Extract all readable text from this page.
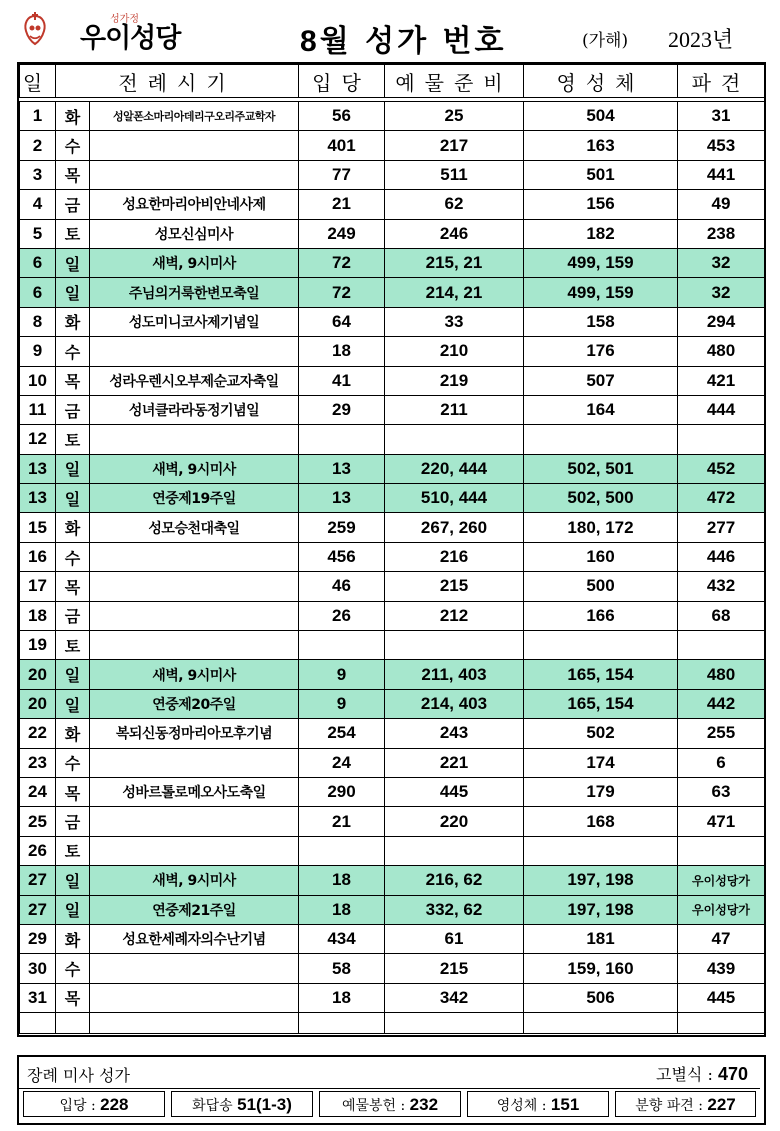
성가정
우이성당	8월 성가 번호	(가해) 2023년
일	전례시기		입당	예물준비	영성체	파견

1	화	성알폰소마리아데리구오리주교학자	56	25	504	31
2	수		401	217	163	453
3	목		77	511	501	441
4	금	성요한마리아비안네사제	21	62	156	49
5	토	성모신심미사	249	246	182	238
6	일	새벽, 9시미사	72	215, 21	499, 159	32
6	일	주님의거룩한변모축일	72	214, 21	499, 159	32
8	화	성도미니코사제기념일	64	33	158	294
9	수		18	210	176	480
10	목	성라우렌시오부제순교자축일	41	219	507	421
11	금	성녀클라라동정기념일	29	211	164	444
12	토					
13	일	새벽, 9시미사	13	220, 444	502, 501	452
13	일	연중제19주일	13	510, 444	502, 500	472
15	화	성모승천대축일	259	267, 260	180, 172	277
16	수		456	216	160	446
17	목		46	215	500	432
18	금		26	212	166	68
19	토					
20	일	새벽, 9시미사	9	211, 403	165, 154	480
20	일	연중제20주일	9	214, 403	165, 154	442
22	화	복되신동정마리아모후기념	254	243	502	255
23	수		24	221	174	6
24	목	성바르톨로메오사도축일	290	445	179	63
25	금		21	220	168	471
26	토					
27	일	새벽, 9시미사	18	216, 62	197, 198	우이성당가
27	일	연중제21주일	18	332, 62	197, 198	우이성당가
29	화	성요한세례자의수난기념	434	61	181	47
30	수		58	215	159, 160	439
31	목		18	342	506	445

장례 미사 성가	고별식 : 470
입당 : 228	화답송 51(1-3)	예물봉헌 : 232	영성체 : 151	분향 파견 : 227
